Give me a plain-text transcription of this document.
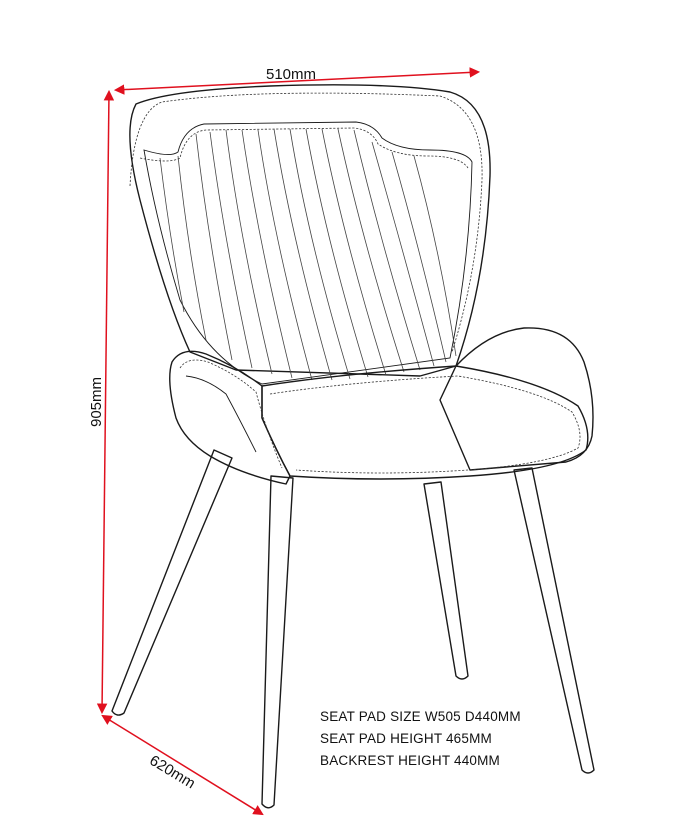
510mm
905mm
620mm
SEAT PAD SIZE W505 D440MM
SEAT PAD HEIGHT 465MM
BACKREST HEIGHT 440MM
